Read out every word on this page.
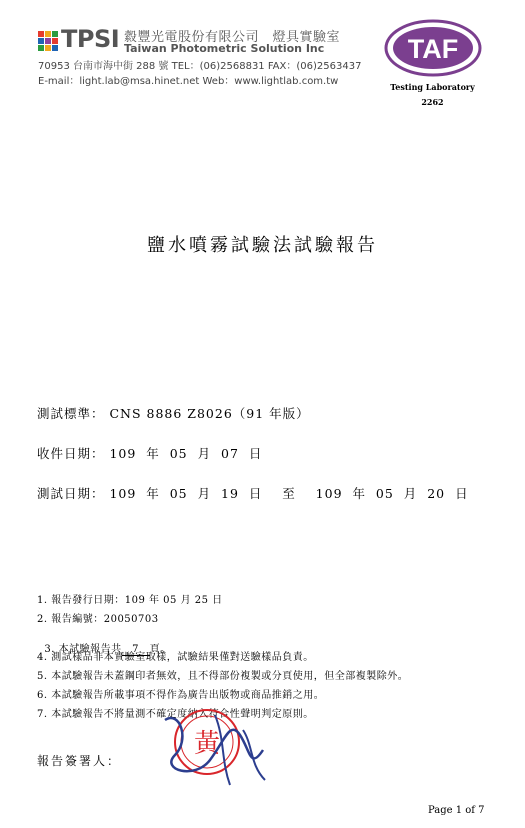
TPSI 縠豐光電股份有限公司　燈具實驗室
Taiwan Photometric Solution Inc
70953 台南市海中街 288 號 TEL：(06)2568831 FAX：(06)2563437
E-mail：light.lab@msa.hinet.net Web：www.lightlab.com.tw
TAF
Testing Laboratory
2262
鹽水噴霧試驗法試驗報告
測試標準： CNS 8886 Z8026（91 年版）
收件日期： 109  年  05  月  07  日
測試日期： 109  年  05  月  19  日    至    109  年  05  月  20  日
1. 報告發行日期：109 年 05 月 25 日
2. 報告編號：20050703

3. 本試驗報告共 7 頁。

4. 測試樣品非本實驗室取樣，試驗結果僅對送驗樣品負責。
5. 本試驗報告未蓋鋼印者無效，且不得部份複製或分頁使用，但全部複製除外。
6. 本試驗報告所載事項不得作為廣告出版物或商品推銷之用。
7. 本試驗報告不將量測不確定度納入符合性聲明判定原則。
報告簽署人：
黃
Page 1 of 7
